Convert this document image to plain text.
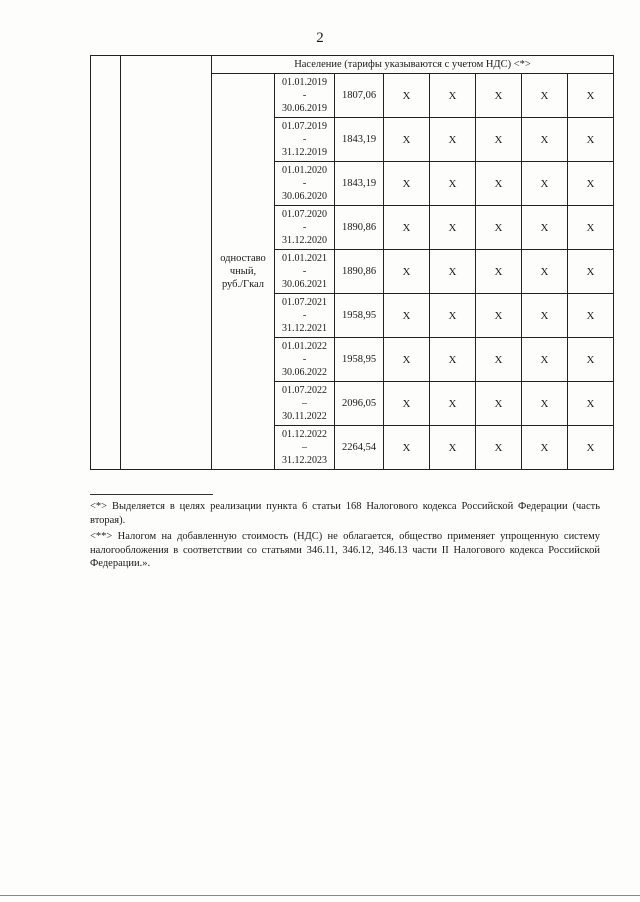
2
		Население (тарифы указываются с учетом НДС) <*>							

		одноставо
чный,
руб./Гкал	01.01.2019
-
30.06.2019	1807,06	X	X	X	X	X

			01.07.2019
-
31.12.2019	1843,19	X	X	X	X	X

			01.01.2020
-
30.06.2020	1843,19	X	X	X	X	X

			01.07.2020
-
31.12.2020	1890,86	X	X	X	X	X

			01.01.2021
-
30.06.2021	1890,86	X	X	X	X	X

			01.07.2021
-
31.12.2021	1958,95	X	X	X	X	X

			01.01.2022
-
30.06.2022	1958,95	X	X	X	X	X

			01.07.2022
–
30.11.2022	2096,05	X	X	X	X	X

			01.12.2022
–
31.12.2023	2264,54	X	X	X	X	X

<*> Выделяется в целях реализации пункта 6 статьи 168 Налогового кодекса Российской Федерации (часть вторая).

<**> Налогом на добавленную стоимость (НДС) не облагается, общество применяет упрощенную систему налогообложения в соответствии со статьями 346.11, 346.12, 346.13 части II Налогового кодекса Российской Федерации.».
